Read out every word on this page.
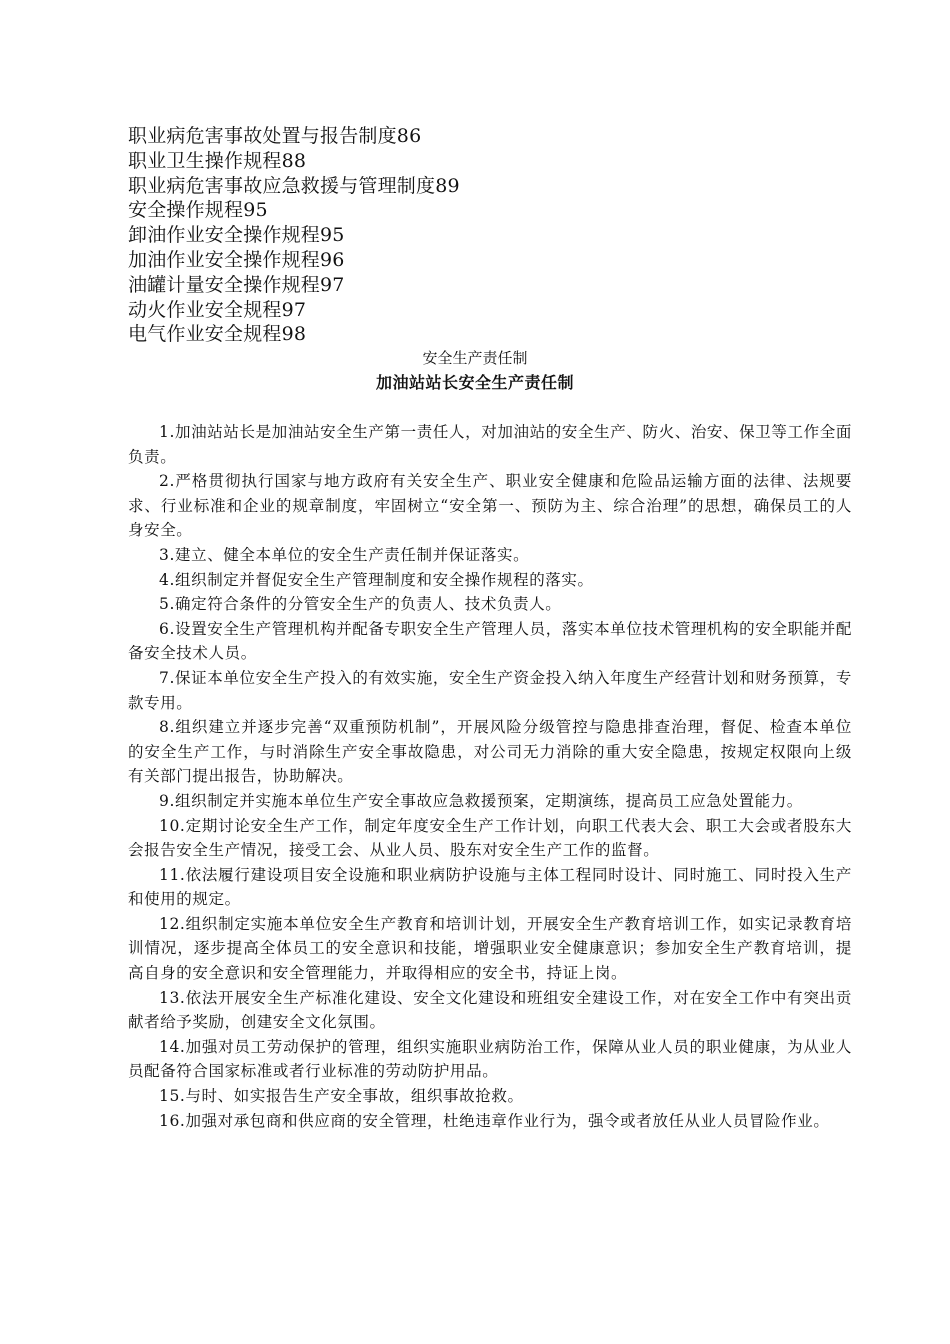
职业病危害事故处置与报告制度86
职业卫生操作规程88
职业病危害事故应急救援与管理制度89
安全操作规程95
卸油作业安全操作规程95
加油作业安全操作规程96
油罐计量安全操作规程97
动火作业安全规程97
电气作业安全规程98
安全生产责任制
加油站站长安全生产责任制

1.加油站站长是加油站安全生产第一责任人，对加油站的安全生产、防火、治安、保卫等工作全面负责。

2.严格贯彻执行国家与地方政府有关安全生产、职业安全健康和危险品运输方面的法律、法规要求、行业标准和企业的规章制度，牢固树立“安全第一、预防为主、综合治理”的思想，确保员工的人身安全。

3.建立、健全本单位的安全生产责任制并保证落实。

4.组织制定并督促安全生产管理制度和安全操作规程的落实。

5.确定符合条件的分管安全生产的负责人、技术负责人。

6.设置安全生产管理机构并配备专职安全生产管理人员，落实本单位技术管理机构的安全职能并配备安全技术人员。

7.保证本单位安全生产投入的有效实施，安全生产资金投入纳入年度生产经营计划和财务预算，专款专用。

8.组织建立并逐步完善“双重预防机制”，开展风险分级管控与隐患排查治理，督促、检查本单位的安全生产工作，与时消除生产安全事故隐患，对公司无力消除的重大安全隐患，按规定权限向上级有关部门提出报告，协助解决。

9.组织制定并实施本单位生产安全事故应急救援预案，定期演练，提高员工应急处置能力。

10.定期讨论安全生产工作，制定年度安全生产工作计划，向职工代表大会、职工大会或者股东大会报告安全生产情况，接受工会、从业人员、股东对安全生产工作的监督。

11.依法履行建设项目安全设施和职业病防护设施与主体工程同时设计、同时施工、同时投入生产和使用的规定。

12.组织制定实施本单位安全生产教育和培训计划，开展安全生产教育培训工作，如实记录教育培训情况，逐步提高全体员工的安全意识和技能，增强职业安全健康意识；参加安全生产教育培训，提高自身的安全意识和安全管理能力，并取得相应的安全书，持证上岗。

13.依法开展安全生产标准化建设、安全文化建设和班组安全建设工作，对在安全工作中有突出贡献者给予奖励，创建安全文化氛围。

14.加强对员工劳动保护的管理，组织实施职业病防治工作，保障从业人员的职业健康，为从业人员配备符合国家标准或者行业标准的劳动防护用品。

15.与时、如实报告生产安全事故，组织事故抢救。

16.加强对承包商和供应商的安全管理，杜绝违章作业行为，强令或者放任从业人员冒险作业。
